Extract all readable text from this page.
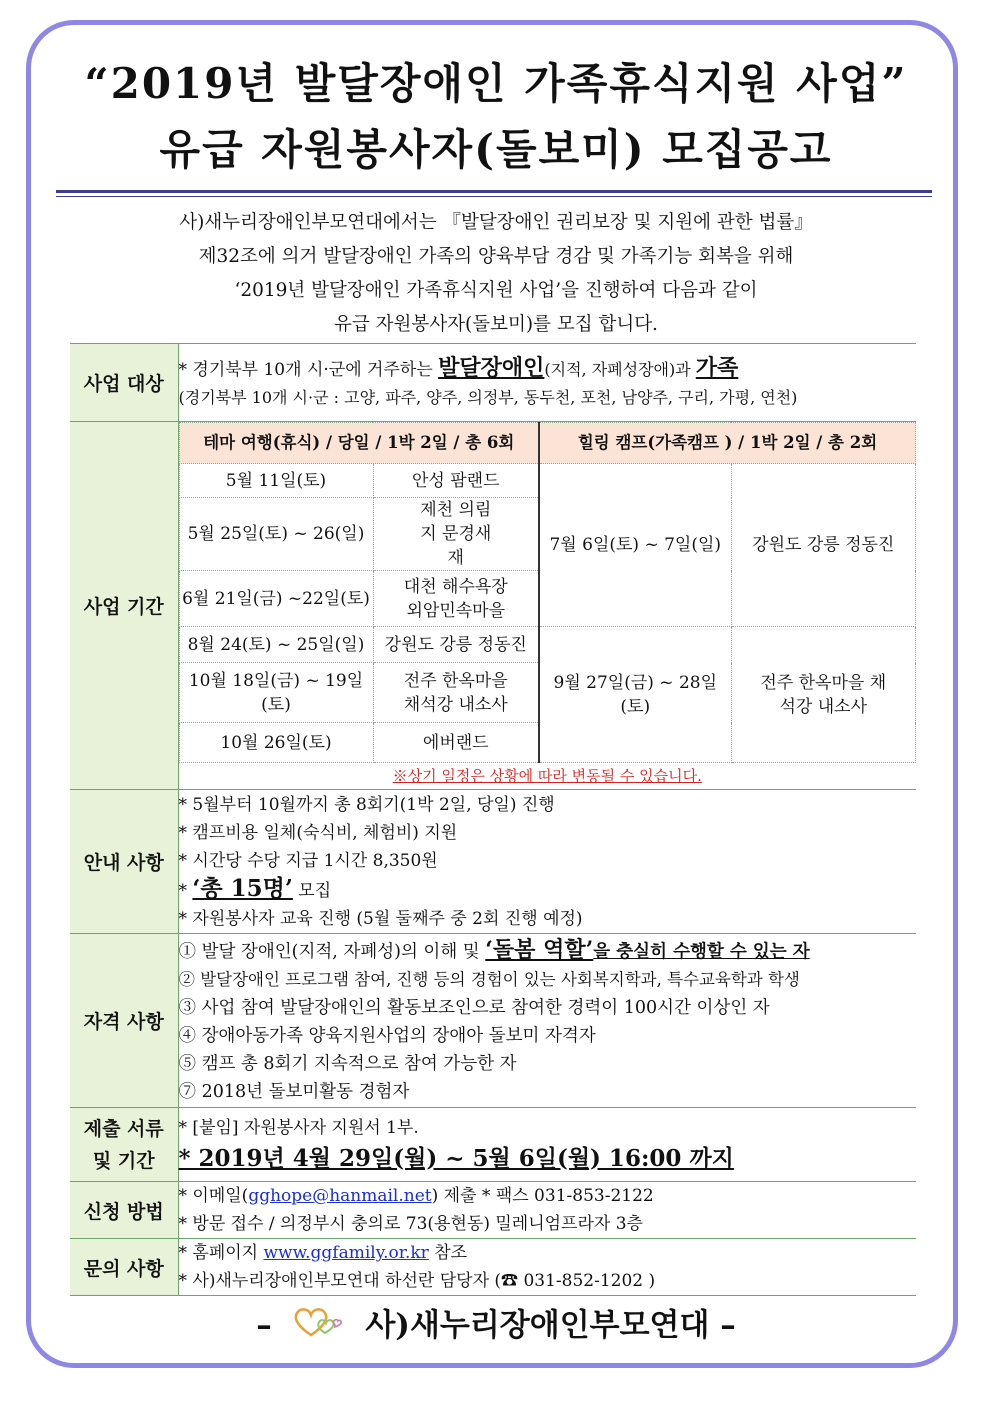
“2019년 발달장애인 가족휴식지원 사업”
유급 자원봉사자(돌보미) 모집공고
사)새누리장애인부모연대에서는 『발달장애인 권리보장 및 지원에 관한 법률』
제32조에 의거 발달장애인 가족의 양육부담 경감 및 가족기능 회복을 위해
‘2019년 발달장애인 가족휴식지원 사업’을 진행하여 다음과 같이
유급 자원봉사자(돌보미)를 모집 합니다.
사업 대상	
* 경기북부 10개 시·군에 거주하는 발달장애인(지적, 자폐성장애)과 가족
(경기북부 10개 시·군 : 고양, 파주, 양주, 의정부, 동두천, 포천, 남양주, 구리, 가평, 연천)

사업 기간	
테마 여행(휴식) / 당일 / 1박 2일 / 총 6회	힐링 캠프(가족캠프 ) / 1박 2일 / 총 2회
5월 11일(토)	안성 팜랜드	7월 6일(토) ~ 7일(일)	강원도 강릉 정동진
5월 25일(토) ~ 26(일)	제천 의림지 문경새재
6월 21일(금) ~22일(토)	대천 해수욕장 외암민속마을
8월 24(토) ~ 25일(일)	강원도 강릉 정동진	9월 27일(금) ~ 28일(토)	전주 한옥마을 채석강 내소사
10월 18일(금) ~ 19일(토)	전주 한옥마을 채석강 내소사
10월 26일(토)	에버랜드

※상기 일정은 상황에 따라 변동될 수 있습니다.

안내 사항	
* 5월부터 10월까지 총 8회기(1박 2일, 당일) 진행
* 캠프비용 일체(숙식비, 체험비) 지원
* 시간당 수당 지급 1시간 8,350원
* ‘총 15명’ 모집
* 자원봉사자 교육 진행 (5월 둘째주 중 2회 진행 예정)

자격 사항	
① 발달 장애인(지적, 자폐성)의 이해 및 ‘돌봄 역할’을 충실히 수행할 수 있는 자
② 발달장애인 프로그램 참여, 진행 등의 경험이 있는 사회복지학과, 특수교육학과 학생
③ 사업 참여 발달장애인의 활동보조인으로 참여한 경력이 100시간 이상인 자
④ 장애아동가족 양육지원사업의 장애아 돌보미 자격자
⑤ 캠프 총 8회기 지속적으로 참여 가능한 자
⑦ 2018년 돌보미활동 경험자

제출 서류
및 기간

* [붙임] 자원봉사자 지원서 1부.
* 2019년 4월 29일(월) ~ 5월 6일(월) 16:00 까지

신청 방법	
* 이메일(gghope@hanmail.net) 제출 * 팩스 031-853-2122
* 방문 접수 / 의정부시 충의로 73(용현동) 밀레니엄프라자 3층

문의 사항	
* 홈페이지 www.ggfamily.or.kr 참조
* 사)새누리장애인부모연대 하선란 담당자 (☎ 031-852-1202 )
–	사)새누리장애인부모연대 –
